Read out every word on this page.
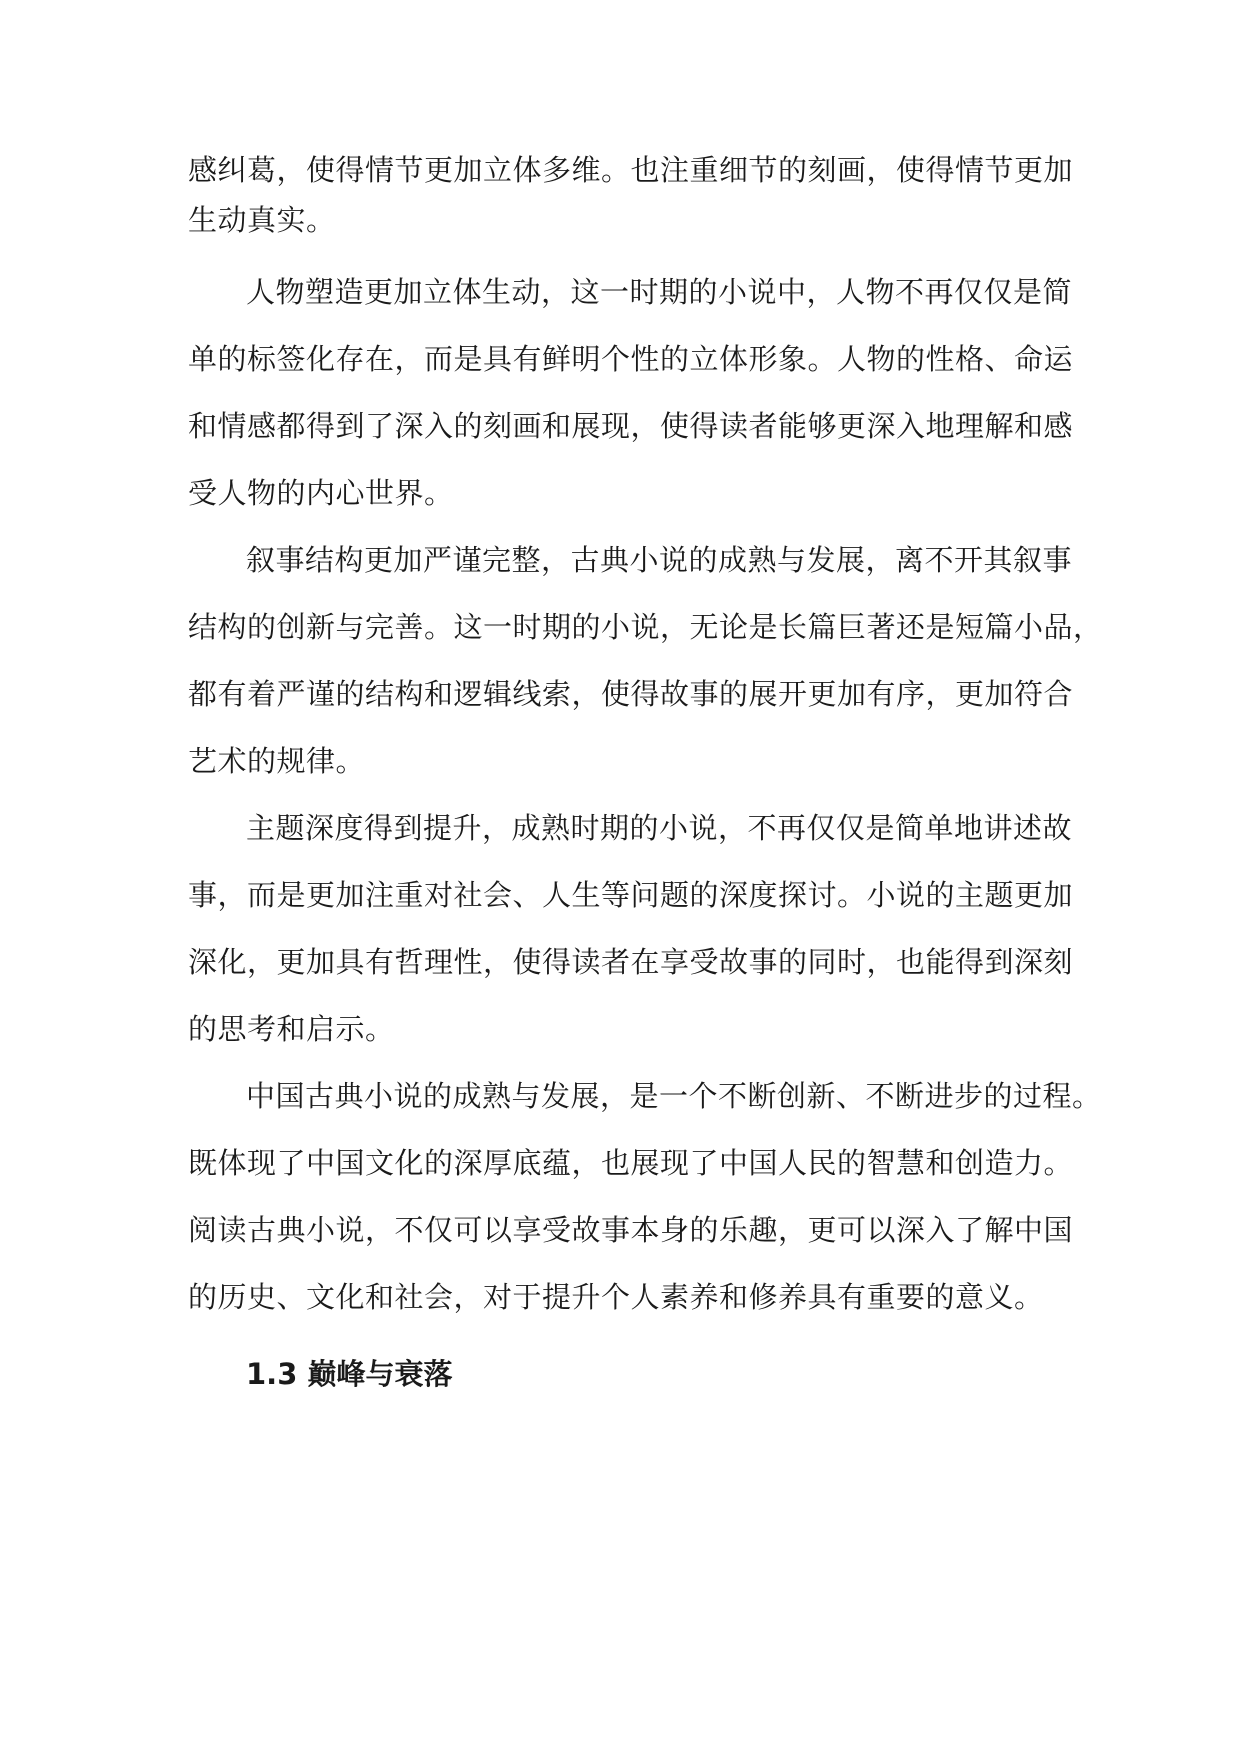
感纠葛，使得情节更加立体多维。也注重细节的刻画，使得情节更加
生动真实。
人物塑造更加立体生动，这一时期的小说中，人物不再仅仅是简
单的标签化存在，而是具有鲜明个性的立体形象。人物的性格、命运
和情感都得到了深入的刻画和展现，使得读者能够更深入地理解和感
受人物的内心世界。
叙事结构更加严谨完整，古典小说的成熟与发展，离不开其叙事
结构的创新与完善。这一时期的小说，无论是长篇巨著还是短篇小品，
都有着严谨的结构和逻辑线索，使得故事的展开更加有序，更加符合
艺术的规律。
主题深度得到提升，成熟时期的小说，不再仅仅是简单地讲述故
事，而是更加注重对社会、人生等问题的深度探讨。小说的主题更加
深化，更加具有哲理性，使得读者在享受故事的同时，也能得到深刻
的思考和启示。
中国古典小说的成熟与发展，是一个不断创新、不断进步的过程。
既体现了中国文化的深厚底蕴，也展现了中国人民的智慧和创造力。
阅读古典小说，不仅可以享受故事本身的乐趣，更可以深入了解中国
的历史、文化和社会，对于提升个人素养和修养具有重要的意义。
1.3 巅峰与衰落
